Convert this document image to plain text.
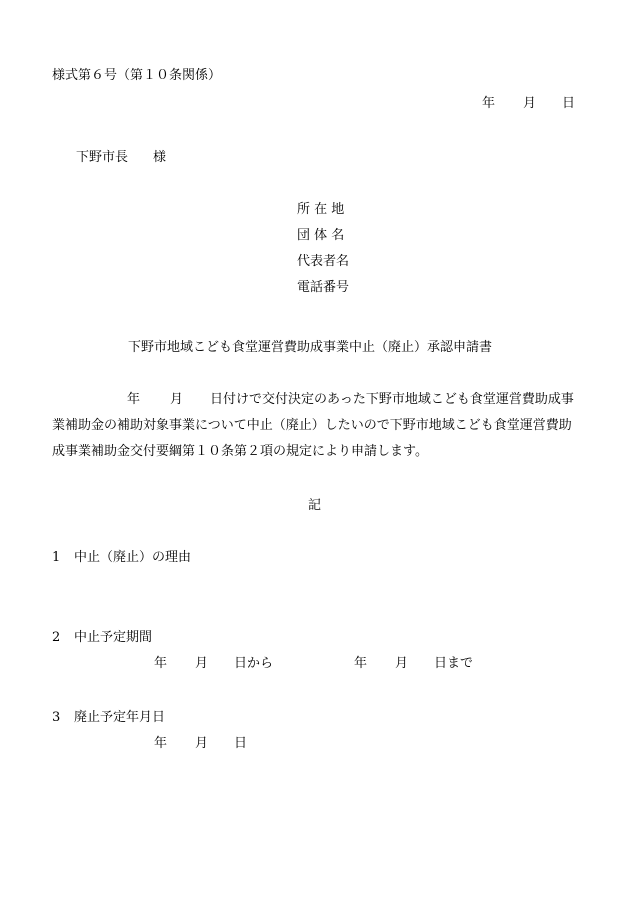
様式第６号（第１０条関係）
年 月 日
下野市長 様
所 在 地
団 体 名
代表者名
電話番号
下野市地域こども食堂運営費助成事業中止（廃止）承認申請書
年 月 日付けで交付決定のあった下野市地域こども食堂運営費助成事
業補助金の補助対象事業について中止（廃止）したいので下野市地域こども食堂運営費助
成事業補助金交付要綱第１０条第２項の規定により申請します。
記
1 中止（廃止）の理由
2 中止予定期間
年 月 日から	年 月 日まで
3 廃止予定年月日
年 月 日
